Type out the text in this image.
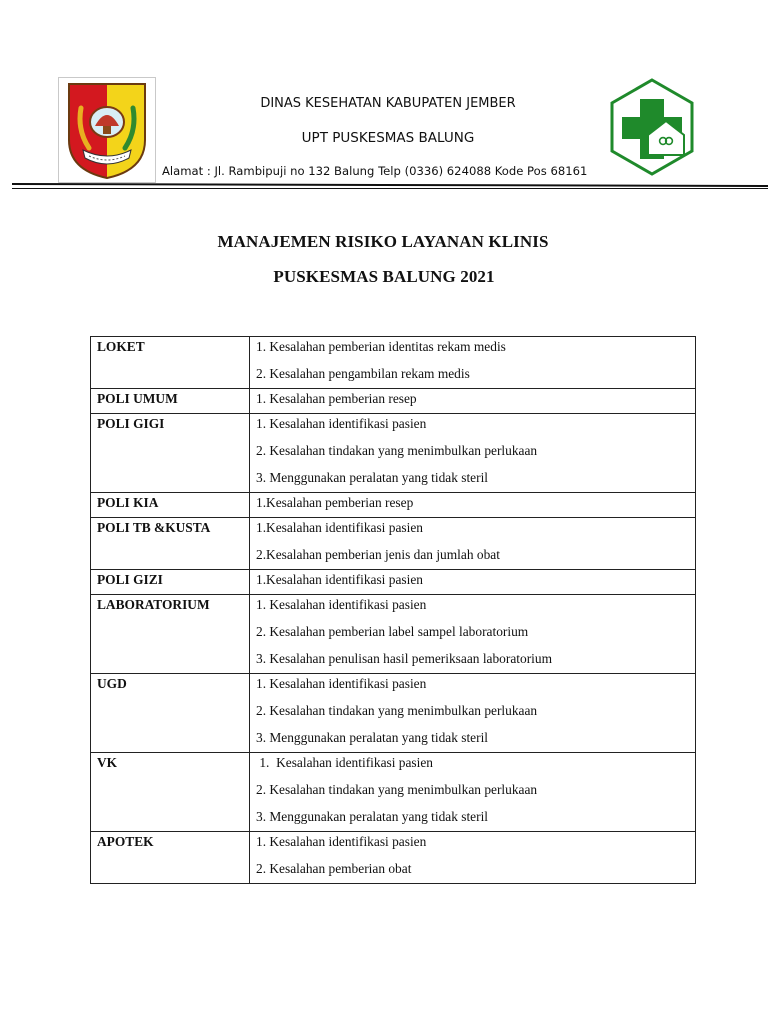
DINAS KESEHATAN KABUPATEN JEMBER
UPT PUSKESMAS BALUNG
Alamat : Jl. Rambipuji no 132 Balung Telp (0336) 624088 Kode Pos 68161
MANAJEMEN RISIKO LAYANAN KLINIS
PUSKESMAS BALUNG 2021
LOKET	1. Kesalahan pemberian identitas rekam medis
2. Kesalahan pengambilan rekam medis

POLI UMUM	1. Kesalahan pemberian resep

POLI GIGI	1. Kesalahan identifikasi pasien
2. Kesalahan tindakan yang menimbulkan perlukaan
3. Menggunakan peralatan yang tidak steril

POLI KIA	1.Kesalahan pemberian resep

POLI TB &KUSTA	1.Kesalahan identifikasi pasien
2.Kesalahan pemberian jenis dan jumlah obat

POLI GIZI	1.Kesalahan identifikasi pasien

LABORATORIUM	1. Kesalahan identifikasi pasien
2. Kesalahan pemberian label sampel laboratorium
3. Kesalahan penulisan hasil pemeriksaan laboratorium

UGD	1. Kesalahan identifikasi pasien
2. Kesalahan tindakan yang menimbulkan perlukaan
3. Menggunakan peralatan yang tidak steril

VK	1.  Kesalahan identifikasi pasien
2. Kesalahan tindakan yang menimbulkan perlukaan
3. Menggunakan peralatan yang tidak steril

APOTEK	1. Kesalahan identifikasi pasien
2. Kesalahan pemberian obat
